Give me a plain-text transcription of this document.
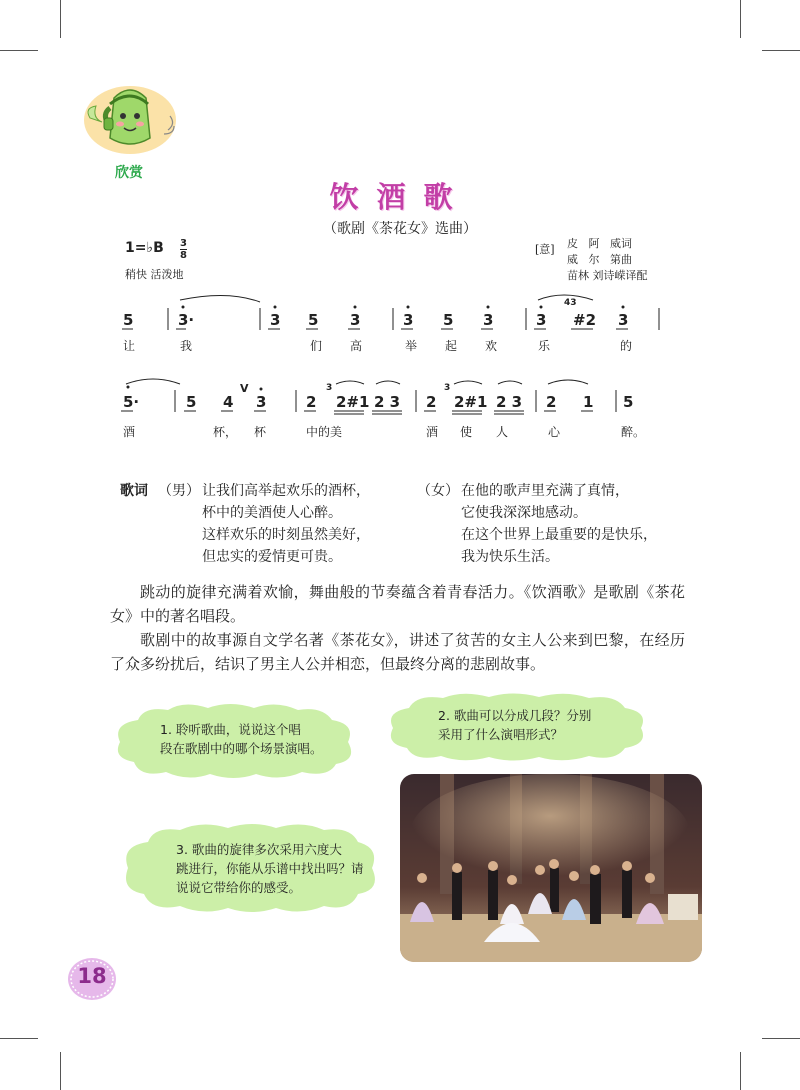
欣赏
饮酒歌
（歌剧《茶花女》选曲）
1=♭B 3
8
稍快 活泼地
[意] 皮   阿   威词
威   尔   第曲
苗林 刘诗嵘译配
5	3·	3 5 3	3 5 3	3
43
#2 3
让	我	们 高	举 起 欢	乐	的
5·	5 4
V
3	2
3
2#1 2 3 2
3
2#1 2 3 2 1 5
酒	杯， 杯	中的美	酒 使 人	心	醉。
歌词 （男） 让我们高举起欢乐的酒杯，
杯中的美酒使人心醉。
这样欢乐的时刻虽然美好，
但忠实的爱情更可贵。
（女） 在他的歌声里充满了真情，
它使我深深地感动。
在这个世界上最重要的是快乐，
我为快乐生活。

跳动的旋律充满着欢愉，舞曲般的节奏蕴含着青春活力。《饮酒歌》是歌剧《茶花女》中的著名唱段。

歌剧中的故事源自文学名著《茶花女》，讲述了贫苦的女主人公来到巴黎，在经历了众多纷扰后，结识了男主人公并相恋，但最终分离的悲剧故事。

1. 聆听歌曲，说说这个唱
段在歌剧中的哪个场景演唱。
2. 歌曲可以分成几段？分别
采用了什么演唱形式？
3. 歌曲的旋律多次采用六度大
跳进行，你能从乐谱中找出吗？请
说说它带给你的感受。
18
